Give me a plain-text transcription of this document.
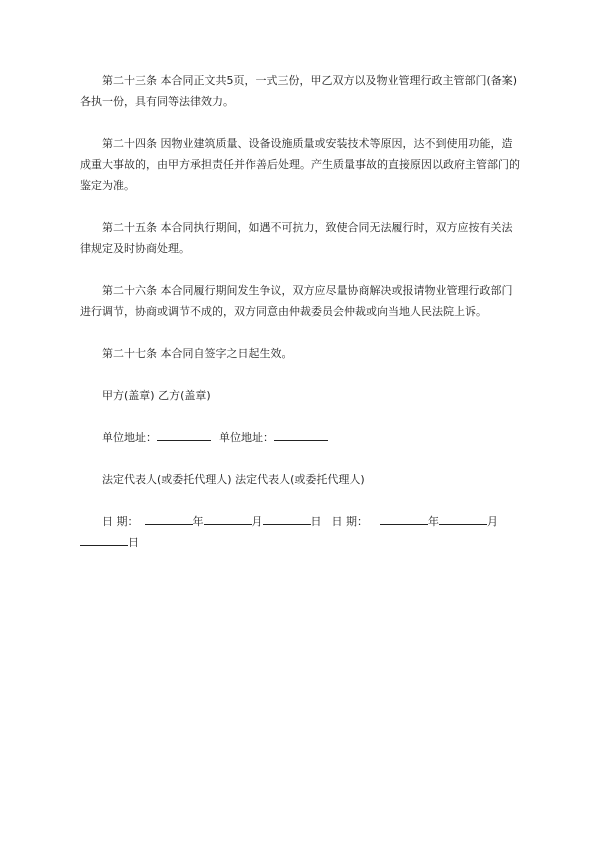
第二十三条 本合同正文共5页，一式三份，甲乙双方以及物业管理行政主管部门(备案)各执一份，具有同等法律效力。

第二十四条 因物业建筑质量、设备设施质量或安装技术等原因，达不到使用功能，造成重大事故的，由甲方承担责任并作善后处理。产生质量事故的直接原因以政府主管部门的鉴定为准。

第二十五条 本合同执行期间，如遇不可抗力，致使合同无法履行时，双方应按有关法律规定及时协商处理。

第二十六条 本合同履行期间发生争议，双方应尽量协商解决或报请物业管理行政部门进行调节，协商或调节不成的，双方同意由仲裁委员会仲裁或向当地人民法院上诉。

第二十七条 本合同自签字之日起生效。

甲方(盖章) 乙方(盖章)

单位地址：	单位地址：

法定代表人(或委托代理人) 法定代表人(或委托代理人)

日 期：	年	月	日 日 期：	年	月

日
